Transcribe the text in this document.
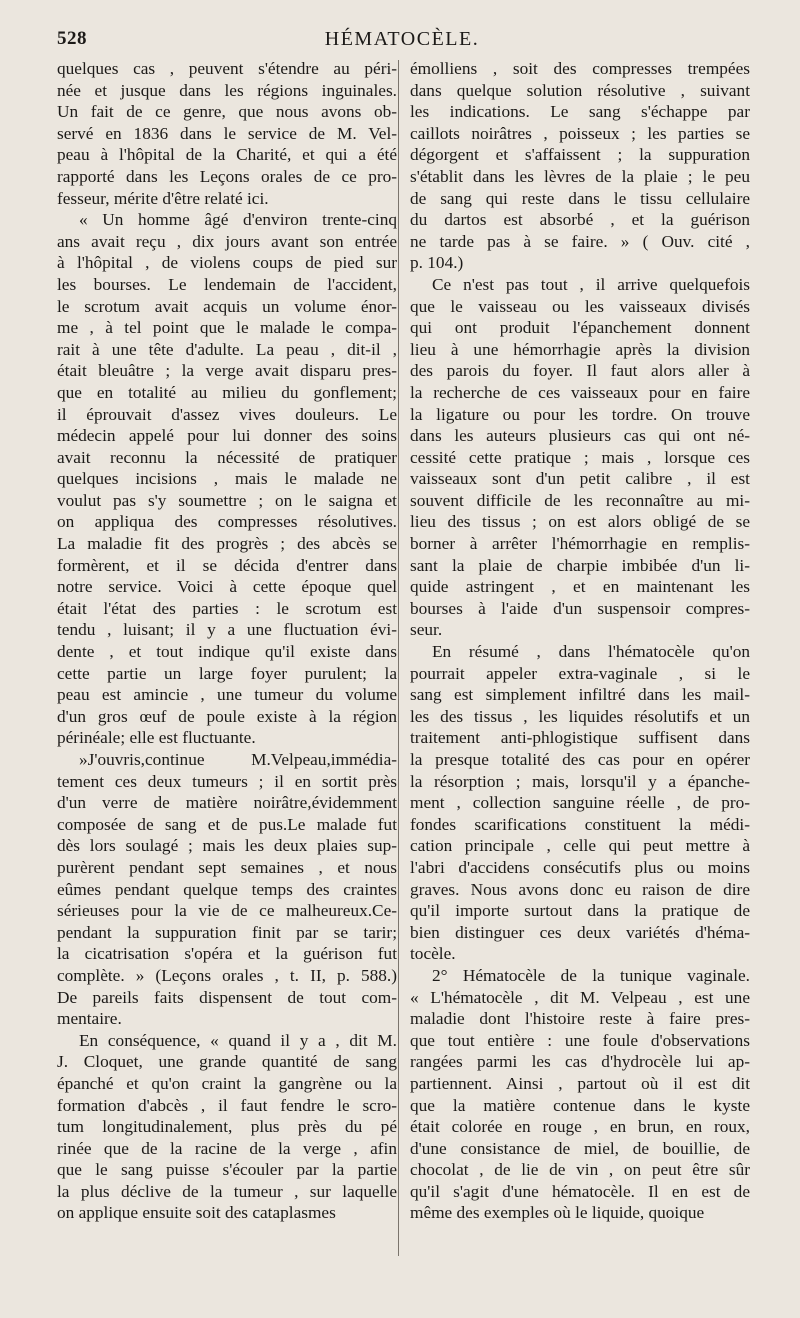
528	HÉMATOCÈLE.
quelques cas , peuvent s'étendre au péri-
née et jusque dans les régions inguinales.
Un fait de ce genre, que nous avons ob-
servé en 1836 dans le service de M. Vel-
peau à l'hôpital de la Charité, et qui a été
rapporté dans les Leçons orales de ce pro-
fesseur, mérite d'être relaté ici.
« Un homme âgé d'environ trente-cinq
ans avait reçu , dix jours avant son entrée
à l'hôpital , de violens coups de pied sur
les bourses. Le lendemain de l'accident,
le scrotum avait acquis un volume énor-
me , à tel point que le malade le compa-
rait à une tête d'adulte. La peau , dit-il ,
était bleuâtre ; la verge avait disparu pres-
que en totalité au milieu du gonflement;
il éprouvait d'assez vives douleurs. Le
médecin appelé pour lui donner des soins
avait reconnu la nécessité de pratiquer
quelques incisions , mais le malade ne
voulut pas s'y soumettre ; on le saigna et
on appliqua des compresses résolutives.
La maladie fit des progrès ; des abcès se
formèrent, et il se décida d'entrer dans
notre service. Voici à cette époque quel
était l'état des parties : le scrotum est
tendu , luisant; il y a une fluctuation évi-
dente , et tout indique qu'il existe dans
cette partie un large foyer purulent; la
peau est amincie , une tumeur du volume
d'un gros œuf de poule existe à la région
périnéale; elle est fluctuante.
»J'ouvris,continue M.Velpeau,immédia-
tement ces deux tumeurs ; il en sortit près
d'un verre de matière noirâtre,évidemment
composée de sang et de pus.Le malade fut
dès lors soulagé ; mais les deux plaies sup-
purèrent pendant sept semaines , et nous
eûmes pendant quelque temps des craintes
sérieuses pour la vie de ce malheureux.Ce-
pendant la suppuration finit par se tarir;
la cicatrisation s'opéra et la guérison fut
complète. » (Leçons orales , t. II, p. 588.)
De pareils faits dispensent de tout com-
mentaire.
En conséquence, « quand il y a , dit M.
J. Cloquet, une grande quantité de sang
épanché et qu'on craint la gangrène ou la
formation d'abcès , il faut fendre le scro-
tum longitudinalement, plus près du pé
rinée que de la racine de la verge , afin
que le sang puisse s'écouler par la partie
la plus déclive de la tumeur , sur laquelle
on applique ensuite soit des cataplasmes
émolliens , soit des compresses trempées
dans quelque solution résolutive , suivant
les indications. Le sang s'échappe par
caillots noirâtres , poisseux ; les parties se
dégorgent et s'affaissent ; la suppuration
s'établit dans les lèvres de la plaie ; le peu
de sang qui reste dans le tissu cellulaire
du dartos est absorbé , et la guérison
ne tarde pas à se faire. » ( Ouv. cité ,
p. 104.)
Ce n'est pas tout , il arrive quelquefois
que le vaisseau ou les vaisseaux divisés
qui ont produit l'épanchement donnent
lieu à une hémorrhagie après la division
des parois du foyer. Il faut alors aller à
la recherche de ces vaisseaux pour en faire
la ligature ou pour les tordre. On trouve
dans les auteurs plusieurs cas qui ont né-
cessité cette pratique ; mais , lorsque ces
vaisseaux sont d'un petit calibre , il est
souvent difficile de les reconnaître au mi-
lieu des tissus ; on est alors obligé de se
borner à arrêter l'hémorrhagie en remplis-
sant la plaie de charpie imbibée d'un li-
quide astringent , et en maintenant les
bourses à l'aide d'un suspensoir compres-
seur.
En résumé , dans l'hématocèle qu'on
pourrait appeler extra-vaginale , si le
sang est simplement infiltré dans les mail-
les des tissus , les liquides résolutifs et un
traitement anti-phlogistique suffisent dans
la presque totalité des cas pour en opérer
la résorption ; mais, lorsqu'il y a épanche-
ment , collection sanguine réelle , de pro-
fondes scarifications constituent la médi-
cation principale , celle qui peut mettre à
l'abri d'accidens consécutifs plus ou moins
graves. Nous avons donc eu raison de dire
qu'il importe surtout dans la pratique de
bien distinguer ces deux variétés d'héma-
tocèle.
2° Hématocèle de la tunique vaginale.
« L'hématocèle , dit M. Velpeau , est une
maladie dont l'histoire reste à faire pres-
que tout entière : une foule d'observations
rangées parmi les cas d'hydrocèle lui ap-
partiennent. Ainsi , partout où il est dit
que la matière contenue dans le kyste
était colorée en rouge , en brun, en roux,
d'une consistance de miel, de bouillie, de
chocolat , de lie de vin , on peut être sûr
qu'il s'agit d'une hématocèle. Il en est de
même des exemples où le liquide, quoique
